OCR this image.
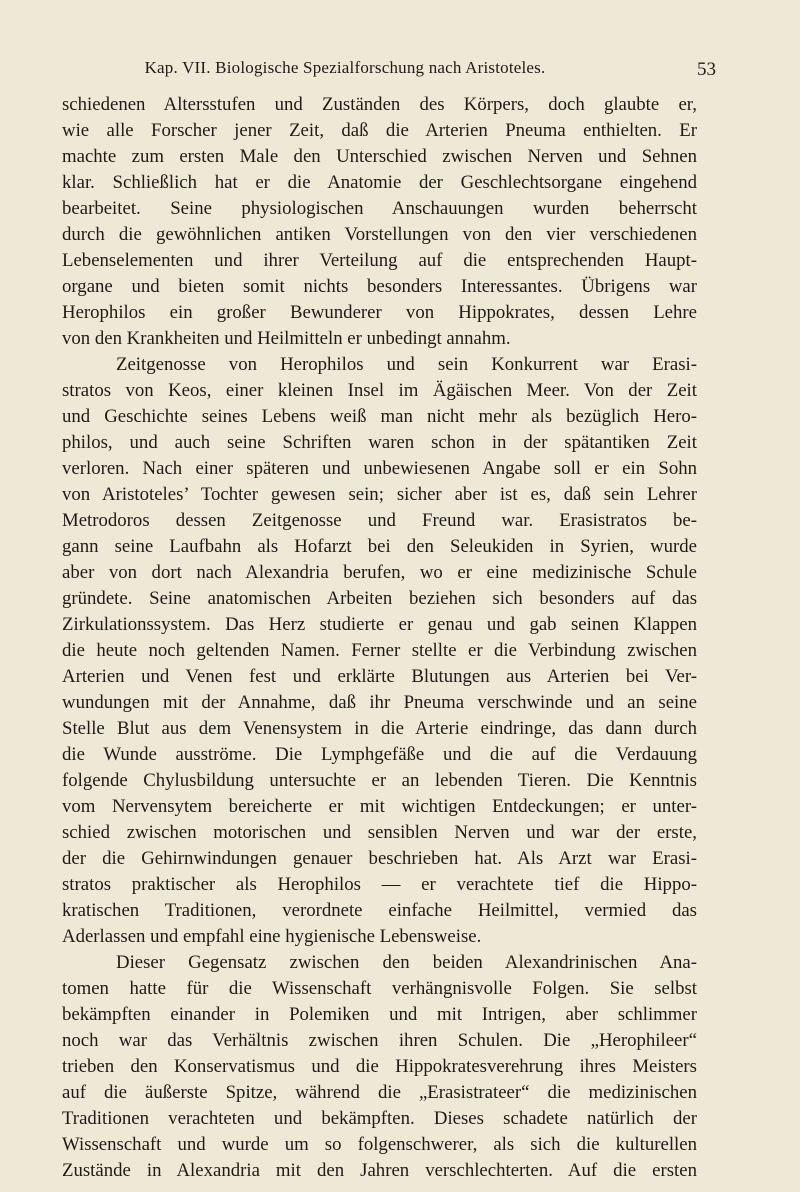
Kap. VII. Biologische Spezialforschung nach Aristoteles.	53
schiedenen Altersstufen und Zuständen des Körpers, doch glaubte er,
wie alle Forscher jener Zeit, daß die Arterien Pneuma enthielten. Er
machte zum ersten Male den Unterschied zwischen Nerven und Sehnen
klar. Schließlich hat er die Anatomie der Geschlechtsorgane eingehend
bearbeitet. Seine physiologischen Anschauungen wurden beherrscht
durch die gewöhnlichen antiken Vorstellungen von den vier verschiedenen
Lebenselementen und ihrer Verteilung auf die entsprechenden Haupt-
organe und bieten somit nichts besonders Interessantes. Übrigens war
Herophilos ein großer Bewunderer von Hippokrates, dessen Lehre
von den Krankheiten und Heilmitteln er unbedingt annahm.
Zeitgenosse von Herophilos und sein Konkurrent war Erasi-
stratos von Keos, einer kleinen Insel im Ägäischen Meer. Von der Zeit
und Geschichte seines Lebens weiß man nicht mehr als bezüglich Hero-
philos, und auch seine Schriften waren schon in der spätantiken Zeit
verloren. Nach einer späteren und unbewiesenen Angabe soll er ein Sohn
von Aristoteles’ Tochter gewesen sein; sicher aber ist es, daß sein Lehrer
Metrodoros dessen Zeitgenosse und Freund war. Erasistratos be-
gann seine Laufbahn als Hofarzt bei den Seleukiden in Syrien, wurde
aber von dort nach Alexandria berufen, wo er eine medizinische Schule
gründete. Seine anatomischen Arbeiten beziehen sich besonders auf das
Zirkulationssystem. Das Herz studierte er genau und gab seinen Klappen
die heute noch geltenden Namen. Ferner stellte er die Verbindung zwischen
Arterien und Venen fest und erklärte Blutungen aus Arterien bei Ver-
wundungen mit der Annahme, daß ihr Pneuma verschwinde und an seine
Stelle Blut aus dem Venensystem in die Arterie eindringe, das dann durch
die Wunde ausströme. Die Lymphgefäße und die auf die Verdauung
folgende Chylusbildung untersuchte er an lebenden Tieren. Die Kenntnis
vom Nervensytem bereicherte er mit wichtigen Entdeckungen; er unter-
schied zwischen motorischen und sensiblen Nerven und war der erste,
der die Gehirnwindungen genauer beschrieben hat. Als Arzt war Erasi-
stratos praktischer als Herophilos — er verachtete tief die Hippo-
kratischen Traditionen, verordnete einfache Heilmittel, vermied das
Aderlassen und empfahl eine hygienische Lebensweise.
Dieser Gegensatz zwischen den beiden Alexandrinischen Ana-
tomen hatte für die Wissenschaft verhängnisvolle Folgen. Sie selbst
bekämpften einander in Polemiken und mit Intrigen, aber schlimmer
noch war das Verhältnis zwischen ihren Schulen. Die „Herophileer“
trieben den Konservatismus und die Hippokratesverehrung ihres Meisters
auf die äußerste Spitze, während die „Erasistrateer“ die medizinischen
Traditionen verachteten und bekämpften. Dieses schadete natürlich der
Wissenschaft und wurde um so folgenschwerer, als sich die kulturellen
Zustände in Alexandria mit den Jahren verschlechterten. Auf die ersten
